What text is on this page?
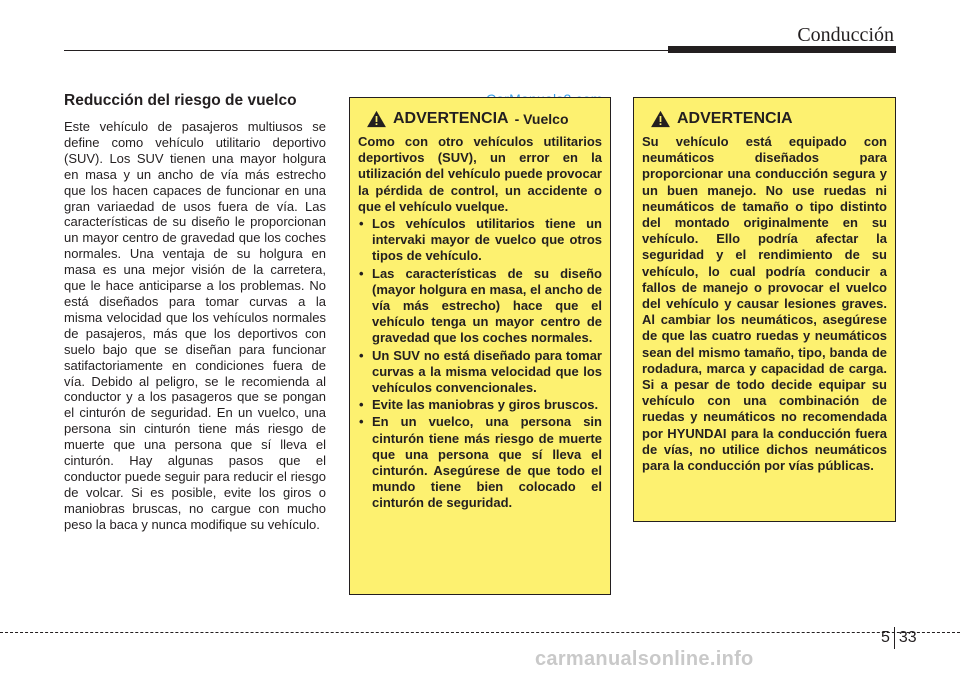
Conducción
Reducción del riesgo de vuelco

Este vehículo de pasajeros multiusos se define como vehículo utilitario deportivo (SUV). Los SUV tienen una mayor holgura en masa y un ancho de vía más estrecho que los hacen capaces de funcionar en una gran variaedad de usos fuera de vía. Las características de su diseño le proporcionan un mayor centro de gravedad que los coches normales. Una ventaja de su holgura en masa es una mejor visión de la carretera, que le hace anticiparse a los problemas. No está diseñados para tomar curvas a la misma velocidad que los vehículos normales de pasajeros, más que los deportivos con suelo bajo que se diseñan para funcionar satifactoriamente en condiciones fuera de vía. Debido al peligro, se le recomienda al conductor y a los pasageros que se pongan el cinturón de seguridad. En un vuelco, una persona sin cinturón tiene más riesgo de muerte que una persona que sí lleva el cinturón. Hay algunas pasos que el conductor puede seguir para reducir el riesgo de volcar. Si es posible, evite los giros o maniobras bruscas, no cargue con mucho peso la baca y nunca modifique su vehículo.

ADVERTENCIA - Vuelco

Como con otro vehículos utilitarios deportivos (SUV), un error en la utilización del vehículo puede provocar la pérdida de control, un accidente o que el vehículo vuelque.

• Los vehículos utilitarios tiene un intervaki mayor de vuelco que otros tipos de vehículo.
• Las características de su diseño (mayor holgura en masa, el ancho de vía más estrecho) hace que el vehículo tenga un mayor centro de gravedad que los coches normales.
• Un SUV no está diseñado para tomar curvas a la misma velocidad que los vehículos convencionales.
• Evite las maniobras y giros bruscos.
• En un vuelco, una persona sin cinturón tiene más riesgo de muerte que una persona que sí lleva el cinturón. Asegúrese de que todo el mundo tiene bien colocado el cinturón de seguridad.
ADVERTENCIA

Su vehículo está equipado con neumáticos diseñados para proporcionar una conducción segura y un buen manejo. No use ruedas ni neumáticos de tamaño o tipo distinto del montado originalmente en su vehículo. Ello podría afectar la seguridad y el rendimiento de su vehículo, lo cual podría conducir a fallos de manejo o provocar el vuelco del vehículo y causar lesiones graves. Al cambiar los neumáticos, asegúrese de que las cuatro ruedas y neumáticos sean del mismo tamaño, tipo, banda de rodadura, marca y capacidad de carga. Si a pesar de todo decide equipar su vehículo con una combinación de ruedas y neumáticos no recomendada por HYUNDAI para la conducción fuera de vías, no utilice dichos neumáticos para la conducción por vías públicas.

5 33
carmanualsonline.info
